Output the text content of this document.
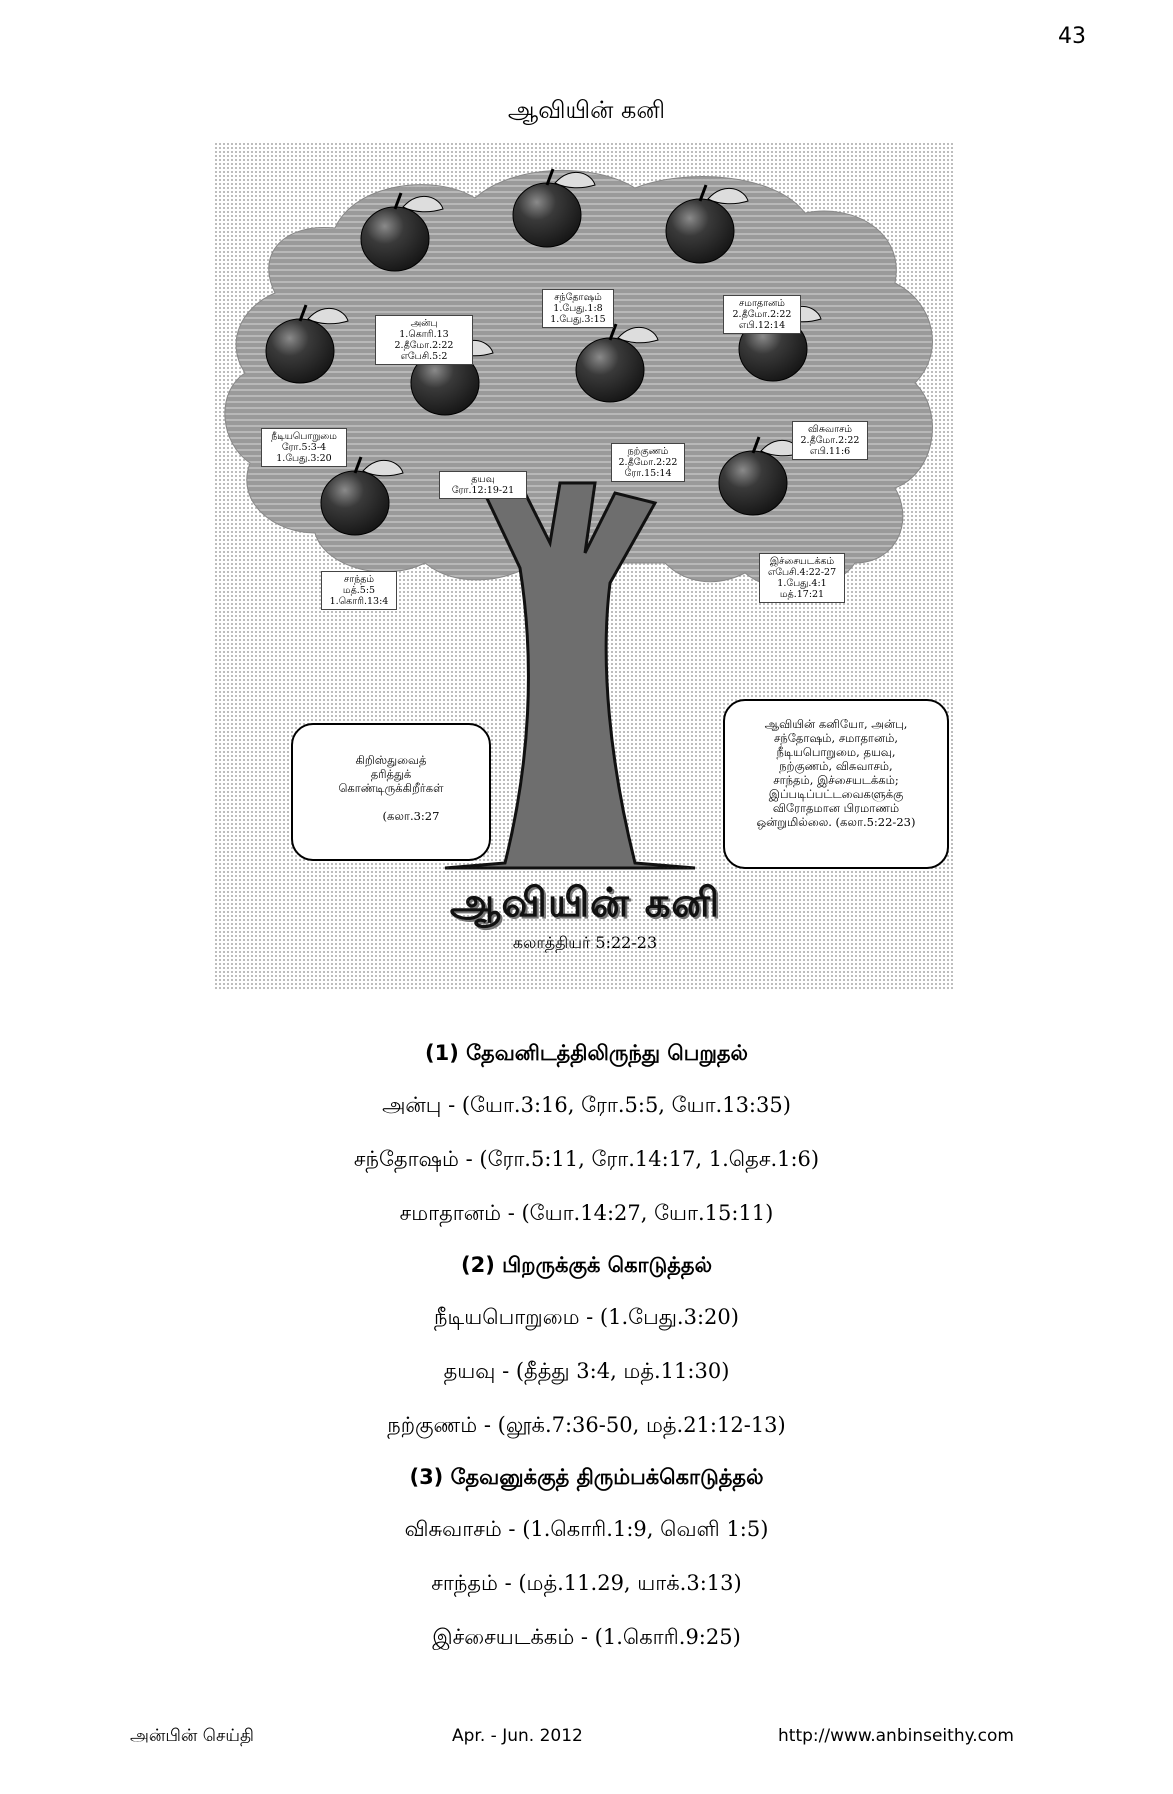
43
ஆவியின் கனி
அன்பு
1.கொரி.13
2.தீமோ.2:22
எபேசி.5:2
சந்தோஷம்
1.பேது.1:8
1.பேது.3:15
சமாதானம்
2.தீமோ.2:22
எபி.12:14
நீடியபொறுமை
ரோ.5:3-4
1.பேது.3:20
தயவு
ரோ.12:19-21
நற்குணம்
2.தீமோ.2:22
ரோ.15:14
விசுவாசம்
2.தீமோ.2:22
எபி.11:6
சாந்தம்
மத்.5:5
1.கொரி.13:4
இச்சையடக்கம்
எபேசி.4:22-27
1.பேது.4:1
மத்.17:21

கிறிஸ்துவைத்
தரித்துக்
கொண்டிருக்கிறீர்கள்

(கலா.3:27

ஆவியின் கனியோ, அன்பு,
சந்தோஷம், சமாதானம்,
நீடியபொறுமை, தயவு,
நற்குணம், விசுவாசம்,
சாந்தம், இச்சையடக்கம்;
இப்படிப்பட்டவைகளுக்கு
விரோதமான பிரமாணம்
ஒன்றுமில்லை. (கலா.5:22-23)
ஆவியின் கனி
கலாத்தியர் 5:22-23
(1) தேவனிடத்திலிருந்து பெறுதல்
அன்பு - (யோ.3:16, ரோ.5:5, யோ.13:35)
சந்தோஷம் - (ரோ.5:11, ரோ.14:17, 1.தெச.1:6)
சமாதானம் - (யோ.14:27, யோ.15:11)
(2) பிறருக்குக் கொடுத்தல்
நீடியபொறுமை - (1.பேது.3:20)
தயவு - (தீத்து 3:4, மத்.11:30)
நற்குணம் - (லூக்.7:36-50, மத்.21:12-13)
(3) தேவனுக்குத் திரும்பக்கொடுத்தல்
விசுவாசம் - (1.கொரி.1:9, வெளி 1:5)
சாந்தம் - (மத்.11.29, யாக்.3:13)
இச்சையடக்கம் - (1.கொரி.9:25)
அன்பின் செய்தி	Apr. - Jun. 2012	http://www.anbinseithy.com
